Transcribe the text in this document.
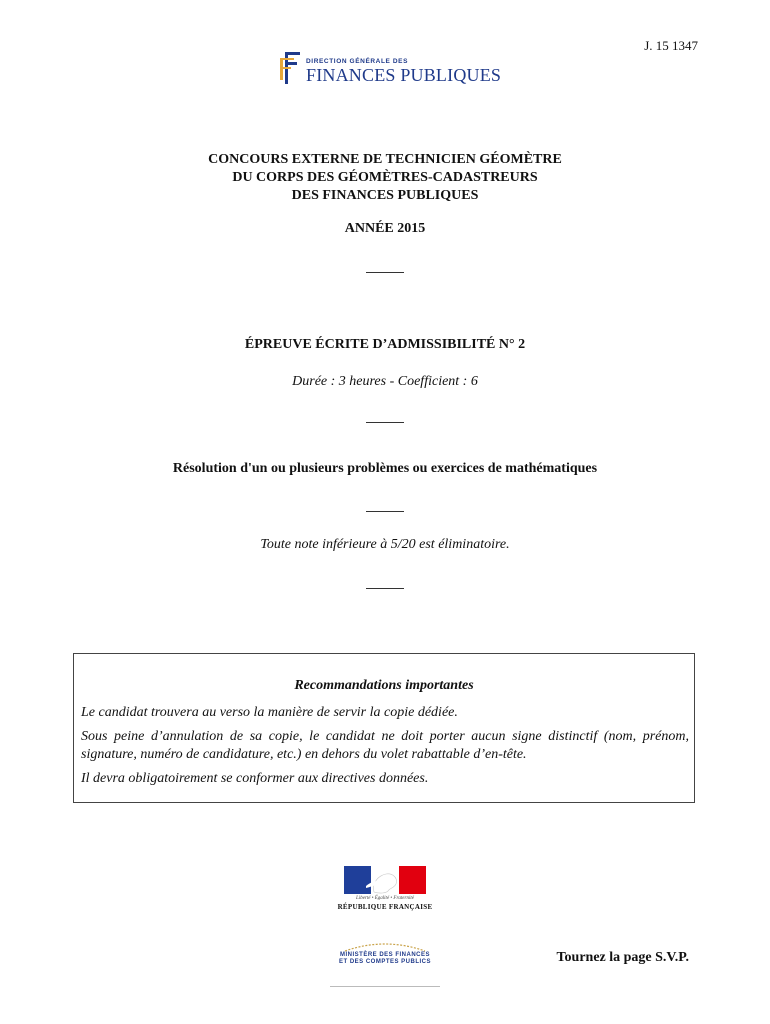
J. 15 1347
DIRECTION GÉNÉRALE DES
FINANCES PUBLIQUES
CONCOURS EXTERNE DE TECHNICIEN GÉOMÈTRE
DU CORPS DES GÉOMÈTRES-CADASTREURS
DES FINANCES PUBLIQUES
ANNÉE 2015
ÉPREUVE ÉCRITE D’ADMISSIBILITÉ N° 2
Durée : 3 heures - Coefficient : 6
Résolution d'un ou plusieurs problèmes ou exercices de mathématiques
Toute note inférieure à 5/20 est éliminatoire.
Recommandations importantes
Le candidat trouvera au verso la manière de servir la copie dédiée.
Sous peine d’annulation de sa copie, le candidat ne doit porter aucun signe distinctif (nom, prénom, signature, numéro de candidature, etc.) en dehors du volet rabattable d’en-tête.
Il devra obligatoirement se conformer aux directives données.
Liberté • Égalité • Fraternité
RÉPUBLIQUE FRANÇAISE
MINISTÈRE DES FINANCES
ET DES COMPTES PUBLICS	Tournez la page S.V.P.
